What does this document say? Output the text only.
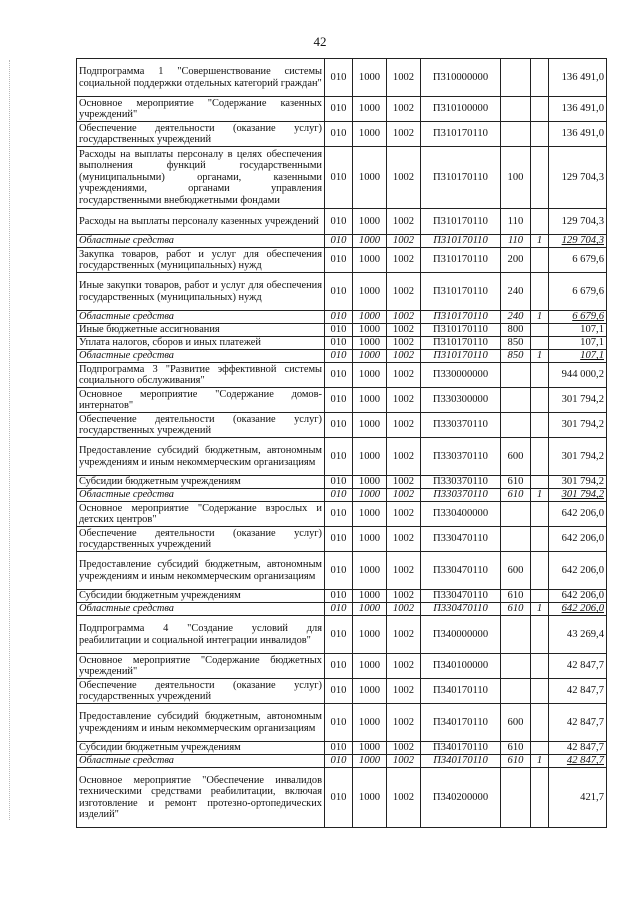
42
Подпрограмма 1 "Совершенствование системы социальной поддержки отдельных категорий граждан"	010	1000	1002	П310000000			136 491,0
Основное мероприятие "Содержание казенных учреждений"	010	1000	1002	П310100000			136 491,0
Обеспечение деятельности (оказание услуг) государственных учреждений	010	1000	1002	П310170110			136 491,0
Расходы на выплаты персоналу в целях обеспечения выполнения функций государственными (муниципальными) органами, казенными учреждениями, органами управления государственными внебюджетными фондами	010	1000	1002	П310170110	100		129 704,3
Расходы на выплаты персоналу казенных учреждений	010	1000	1002	П310170110	110		129 704,3
Областные средства	010	1000	1002	П310170110	110	1	129 704,3
Закупка товаров, работ и услуг для обеспечения государственных (муниципальных) нужд	010	1000	1002	П310170110	200		6 679,6
Иные закупки товаров, работ и услуг для обеспечения государственных (муниципальных) нужд	010	1000	1002	П310170110	240		6 679,6
Областные средства	010	1000	1002	П310170110	240	1	6 679,6
Иные бюджетные ассигнования	010	1000	1002	П310170110	800		107,1
Уплата налогов, сборов и иных платежей	010	1000	1002	П310170110	850		107,1
Областные средства	010	1000	1002	П310170110	850	1	107,1
Подпрограмма 3 "Развитие эффективной системы социального обслуживания"	010	1000	1002	П330000000			944 000,2
Основное мероприятие "Содержание домов-интернатов"	010	1000	1002	П330300000			301 794,2
Обеспечение деятельности (оказание услуг) государственных учреждений	010	1000	1002	П330370110			301 794,2
Предоставление субсидий бюджетным, автономным учреждениям и иным некоммерческим организациям	010	1000	1002	П330370110	600		301 794,2
Субсидии бюджетным учреждениям	010	1000	1002	П330370110	610		301 794,2
Областные средства	010	1000	1002	П330370110	610	1	301 794,2
Основное мероприятие "Содержание взрослых и детских центров"	010	1000	1002	П330400000			642 206,0
Обеспечение деятельности (оказание услуг) государственных учреждений	010	1000	1002	П330470110			642 206,0
Предоставление субсидий бюджетным, автономным учреждениям и иным некоммерческим организациям	010	1000	1002	П330470110	600		642 206,0
Субсидии бюджетным учреждениям	010	1000	1002	П330470110	610		642 206,0
Областные средства	010	1000	1002	П330470110	610	1	642 206,0
Подпрограмма 4 "Создание условий для реабилитации и социальной интеграции инвалидов"	010	1000	1002	П340000000			43 269,4
Основное мероприятие "Содержание бюджетных учреждений"	010	1000	1002	П340100000			42 847,7
Обеспечение деятельности (оказание услуг) государственных учреждений	010	1000	1002	П340170110			42 847,7
Предоставление субсидий бюджетным, автономным учреждениям и иным некоммерческим организациям	010	1000	1002	П340170110	600		42 847,7
Субсидии бюджетным учреждениям	010	1000	1002	П340170110	610		42 847,7
Областные средства	010	1000	1002	П340170110	610	1	42 847,7
Основное мероприятие "Обеспечение инвалидов техническими средствами реабилитации, включая изготовление и ремонт протезно-ортопедических изделий"	010	1000	1002	П340200000			421,7
